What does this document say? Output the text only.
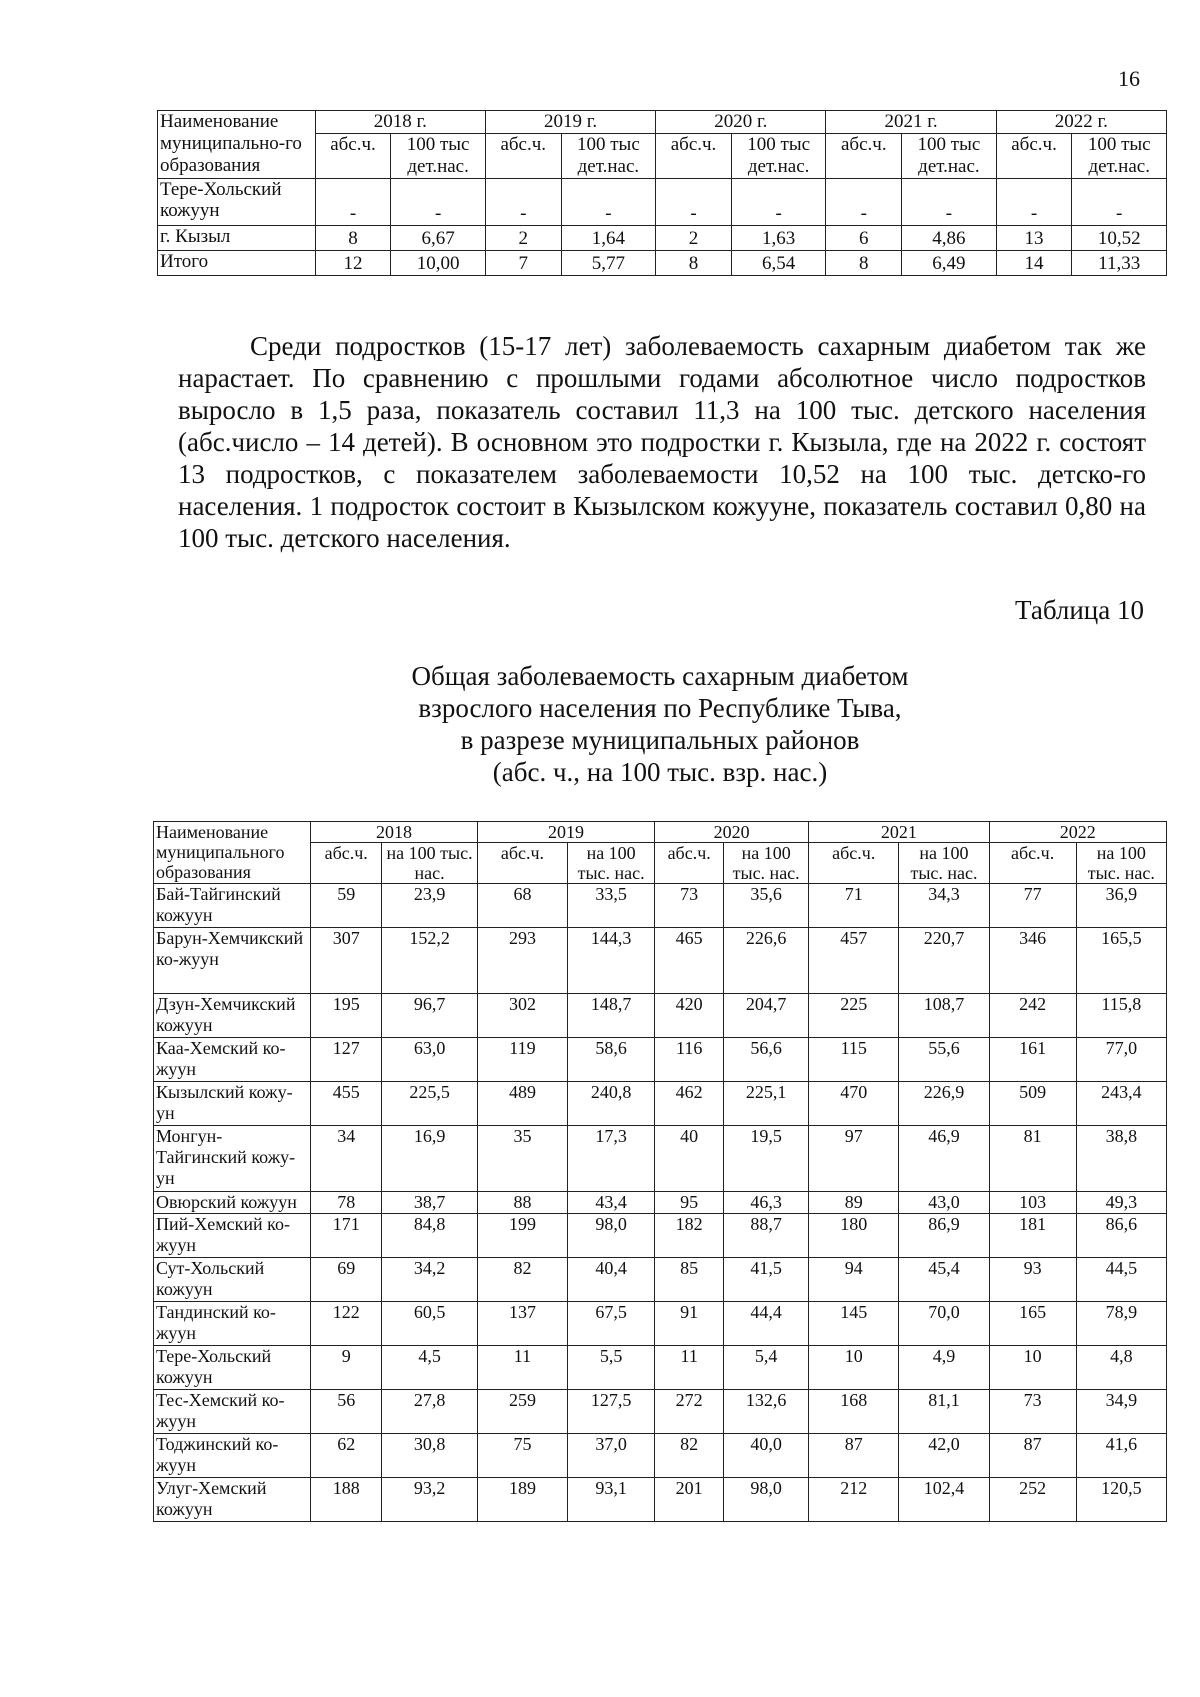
16
Наименование муниципально-го образования	2018 г.		2019 г.		2020 г.		2021 г.		2022 г.	
	абс.ч.	100 тыс дет.нас.	абс.ч.	100 тыс дет.нас.	абс.ч.	100 тыс дет.нас.	абс.ч.	100 тыс дет.нас.	абс.ч.	100 тыс дет.нас.
Тере-Хольский кожуун	-	-	-	-	-	-	-	-	-	-
г. Кызыл	8	6,67	2	1,64	2	1,63	6	4,86	13	10,52
Итого	12	10,00	7	5,77	8	6,54	8	6,49	14	11,33

Среди подростков (15-17 лет) заболеваемость сахарным диабетом так же нарастает. По сравнению с прошлыми годами абсолютное число подростков выросло в 1,5 раза, показатель составил 11,3 на 100 тыс. детского населения (абс.число – 14 детей). В основном это подростки г. Кызыла, где на 2022 г. состоят 13 подростков, с показателем заболеваемости 10,52 на 100 тыс. детско-го населения. 1 подросток состоит в Кызылском кожууне, показатель составил 0,80 на 100 тыс. детского населения.

Таблица 10
Общая заболеваемость сахарным диабетом
взрослого населения по Республике Тыва,
в разрезе муниципальных районов
(абс. ч., на 100 тыс. взр. нас.)
Наименование муниципального образования	2018		2019		2020		2021		2022	
	абс.ч.	на 100 тыс. нас.	абс.ч.	на 100 тыс. нас.	абс.ч.	на 100 тыс. нас.	абс.ч.	на 100 тыс. нас.	абс.ч.	на 100 тыс. нас.
Бай-Тайгинский кожуун	59	23,9	68	33,5	73	35,6	71	34,3	77	36,9
Барун-Хемчикский ко-жуун	307	152,2	293	144,3	465	226,6	457	220,7	346	165,5
Дзун-Хемчикский кожуун	195	96,7	302	148,7	420	204,7	225	108,7	242	115,8
Каа-Хемский ко-жуун	127	63,0	119	58,6	116	56,6	115	55,6	161	77,0
Кызылский кожу-ун	455	225,5	489	240,8	462	225,1	470	226,9	509	243,4
Монгун-Тайгинский кожу-ун	34	16,9	35	17,3	40	19,5	97	46,9	81	38,8
Овюрский кожуун	78	38,7	88	43,4	95	46,3	89	43,0	103	49,3
Пий-Хемский ко-жуун	171	84,8	199	98,0	182	88,7	180	86,9	181	86,6
Сут-Хольский кожуун	69	34,2	82	40,4	85	41,5	94	45,4	93	44,5
Тандинский ко-жуун	122	60,5	137	67,5	91	44,4	145	70,0	165	78,9
Тере-Хольский кожуун	9	4,5	11	5,5	11	5,4	10	4,9	10	4,8
Тес-Хемский ко-жуун	56	27,8	259	127,5	272	132,6	168	81,1	73	34,9
Тоджинский ко-жуун	62	30,8	75	37,0	82	40,0	87	42,0	87	41,6
Улуг-Хемский кожуун	188	93,2	189	93,1	201	98,0	212	102,4	252	120,5
